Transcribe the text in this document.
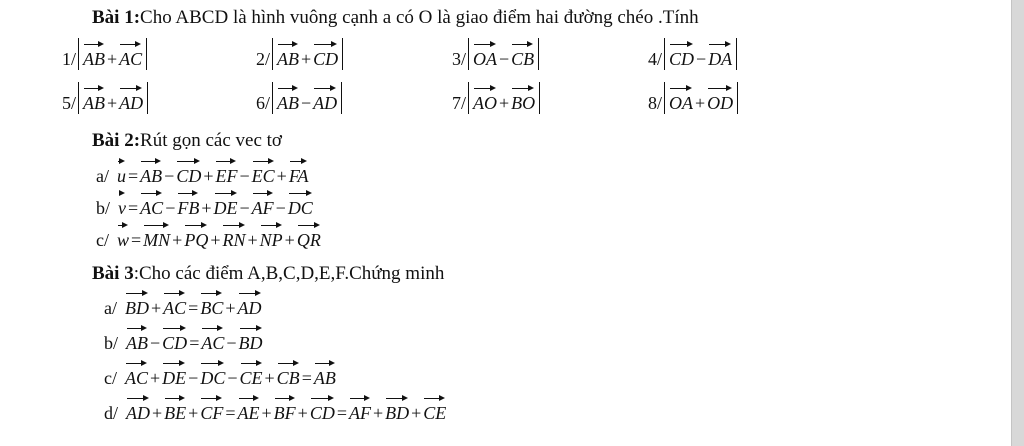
Bài 1:Cho ABCD là hình vuông cạnh a có O là giao điểm hai đường chéo .Tính
1/ AB + AC	2/ AB + CD	3/ OA − CB	4/ CD − DA
5/ AB + AD	6/ AB − AD	7/ AO + BO	8/ OA + OD
Bài 2:Rút gọn các vec tơ
a/ u = AB − CD + EF − EC + FA
b/ v = AC − FB + DE − AF − DC
c/ w = MN + PQ + RN + NP + QR
Bài 3:Cho các điểm A,B,C,D,E,F.Chứng minh
a/ BD + AC = BC + AD
b/ AB − CD = AC − BD
c/ AC + DE − DC − CE + CB = AB
d/ AD + BE + CF = AE + BF + CD = AF + BD + CE
